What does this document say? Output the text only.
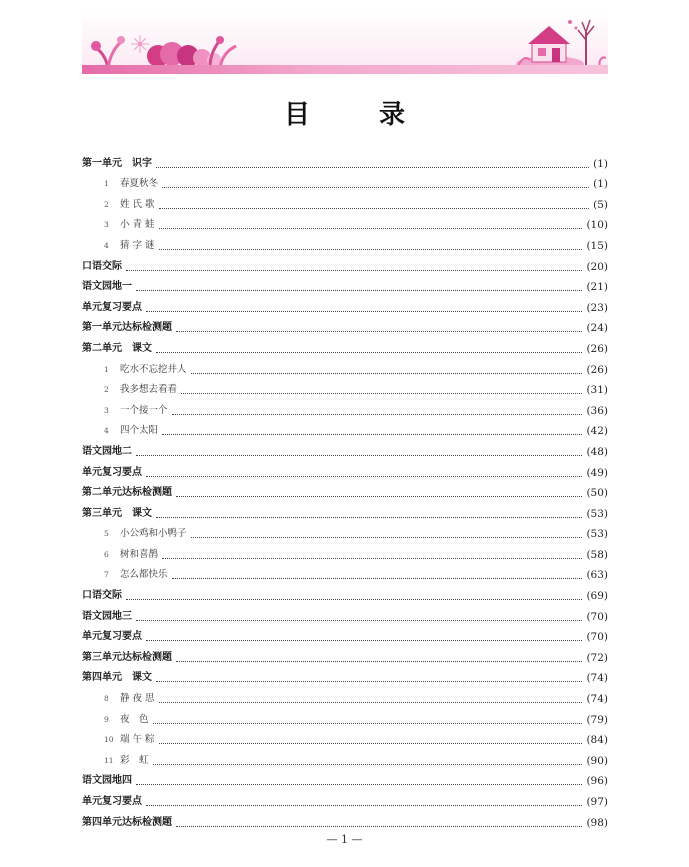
目 录
第一单元　识字	(1)
1	春夏秋冬	(1)
2	姓 氏 歌	(5)
3	小 青 蛙	(10)
4	猜 字 谜	(15)
口语交际	(20)
语文园地一	(21)
单元复习要点	(23)
第一单元达标检测题	(24)
第二单元　课文	(26)
1	吃水不忘挖井人	(26)
2	我多想去看看	(31)
3	一个接一个	(36)
4	四个太阳	(42)
语文园地二	(48)
单元复习要点	(49)
第二单元达标检测题	(50)
第三单元　课文	(53)
5	小公鸡和小鸭子	(53)
6	树和喜鹊	(58)
7	怎么都快乐	(63)
口语交际	(69)
语文园地三	(70)
单元复习要点	(70)
第三单元达标检测题	(72)
第四单元　课文	(74)
8	静 夜 思	(74)
9	夜　色	(79)
10 端 午 粽	(84)
11 彩　虹	(90)
语文园地四	(96)
单元复习要点	(97)
第四单元达标检测题	(98)
— 1 —
